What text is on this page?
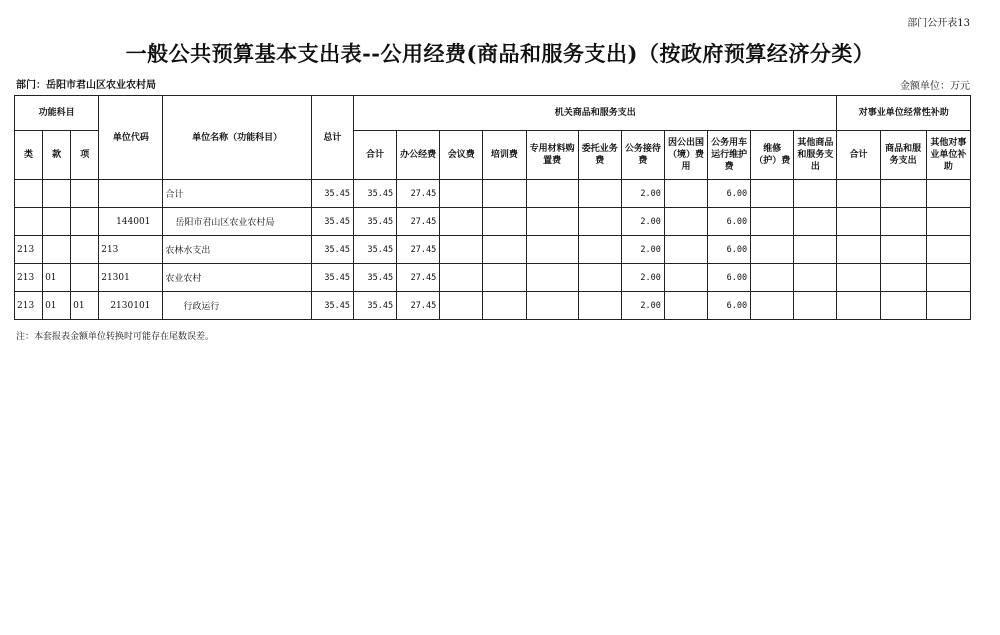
部门公开表13
一般公共预算基本支出表--公用经费(商品和服务支出)（按政府预算经济分类）
部门：岳阳市君山区农业农村局	金额单位：万元
功能科目			单位代码	单位名称（功能科目）	总计	机关商品和服务支出											对事业单位经常性补助		
类	款	项				合计	办公经费	会议费	培训费	专用材料购置费	委托业务费	公务接待费	因公出国（境）费用	公务用车运行维护费	维修（护）费	其他商品和服务支出	合计	商品和服务支出	其他对事业单位补助
				合计	35.45	35.45	27.45					2.00		6.00					
			144001	岳阳市君山区农业农村局	35.45	35.45	27.45					2.00		6.00					
213			213	农林水支出	35.45	35.45	27.45					2.00		6.00					
213	01		21301	农业农村	35.45	35.45	27.45					2.00		6.00					
213	01	01	2130101	行政运行	35.45	35.45	27.45					2.00		6.00					
注：本套报表金额单位转换时可能存在尾数误差。
